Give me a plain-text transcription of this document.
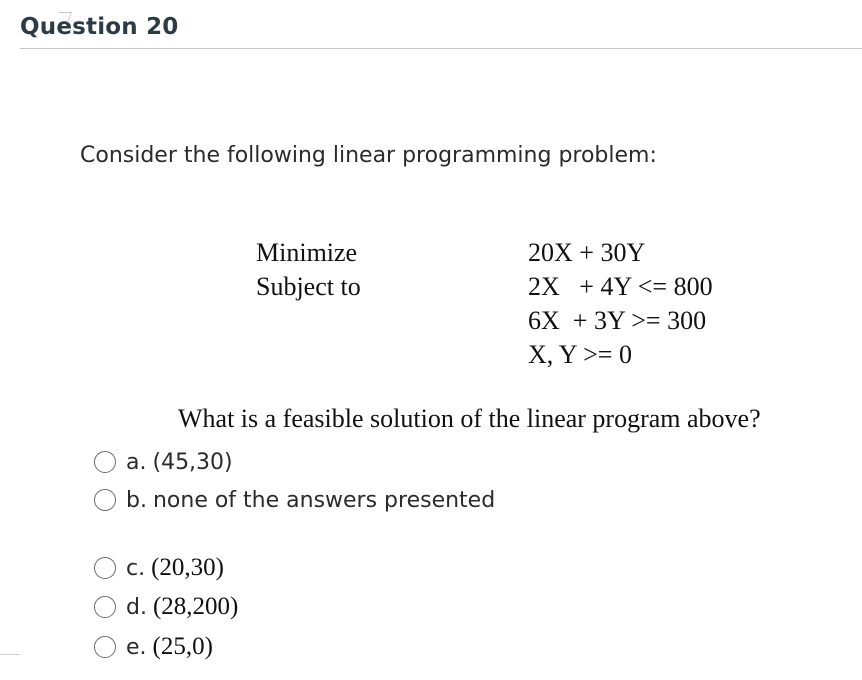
Question 20
Consider the following linear programming problem:
Minimize
Subject to
20X + 30Y
2X   + 4Y <= 800
6X  + 3Y >= 300
X, Y >= 0
What is a feasible solution of the linear program above?
a. (45,30)
b. none of the answers presented
c. (20,30)
d. (28,200)
e. (25,0)
